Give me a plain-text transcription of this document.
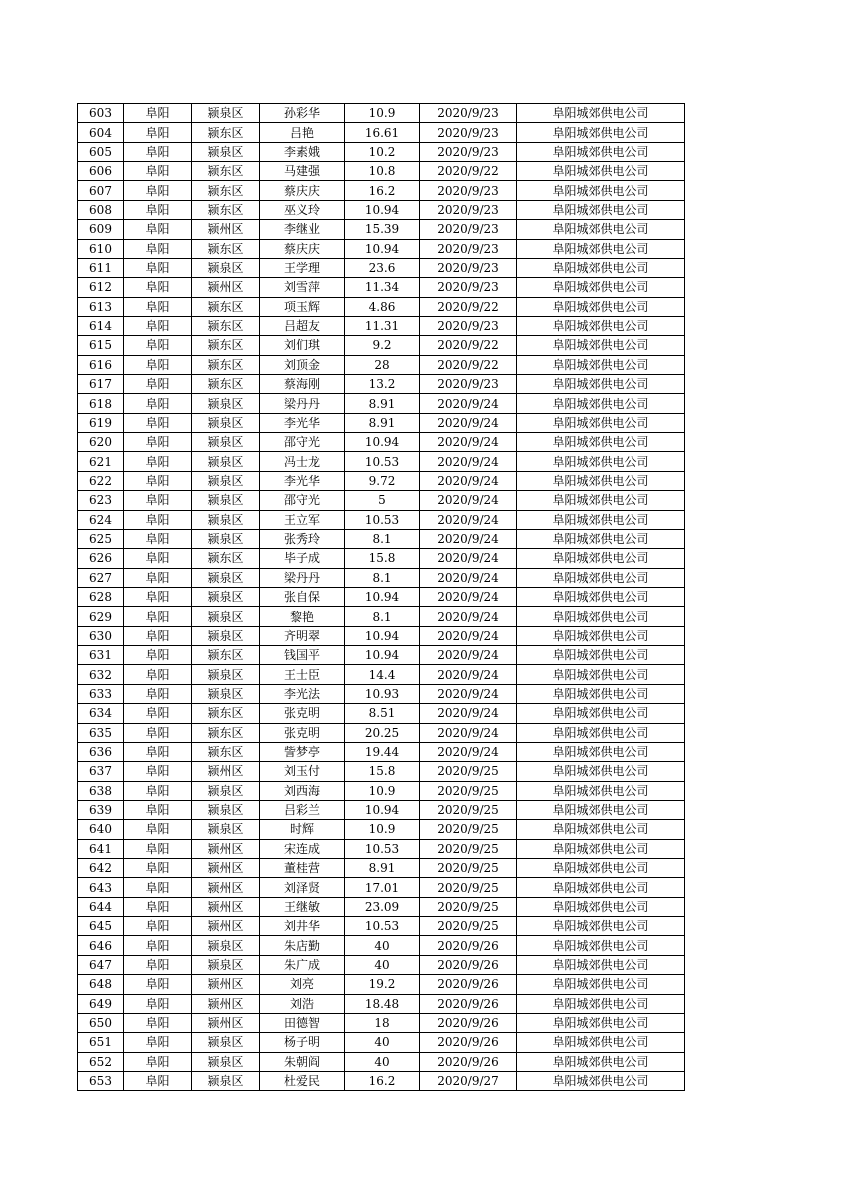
603	阜阳	颍泉区	孙彩华	10.9	2020/9/23	阜阳城郊供电公司
604	阜阳	颍东区	吕艳	16.61	2020/9/23	阜阳城郊供电公司
605	阜阳	颍泉区	李素娥	10.2	2020/9/23	阜阳城郊供电公司
606	阜阳	颍东区	马建强	10.8	2020/9/22	阜阳城郊供电公司
607	阜阳	颍东区	蔡庆庆	16.2	2020/9/23	阜阳城郊供电公司
608	阜阳	颍东区	巫义玲	10.94	2020/9/23	阜阳城郊供电公司
609	阜阳	颍州区	李继业	15.39	2020/9/23	阜阳城郊供电公司
610	阜阳	颍东区	蔡庆庆	10.94	2020/9/23	阜阳城郊供电公司
611	阜阳	颍泉区	王学理	23.6	2020/9/23	阜阳城郊供电公司
612	阜阳	颍州区	刘雪萍	11.34	2020/9/23	阜阳城郊供电公司
613	阜阳	颍东区	项玉辉	4.86	2020/9/22	阜阳城郊供电公司
614	阜阳	颍东区	吕超友	11.31	2020/9/23	阜阳城郊供电公司
615	阜阳	颍东区	刘们琪	9.2	2020/9/22	阜阳城郊供电公司
616	阜阳	颍东区	刘顶金	28	2020/9/22	阜阳城郊供电公司
617	阜阳	颍东区	蔡海刚	13.2	2020/9/23	阜阳城郊供电公司
618	阜阳	颍泉区	梁丹丹	8.91	2020/9/24	阜阳城郊供电公司
619	阜阳	颍泉区	李光华	8.91	2020/9/24	阜阳城郊供电公司
620	阜阳	颍泉区	邵守光	10.94	2020/9/24	阜阳城郊供电公司
621	阜阳	颍泉区	冯士龙	10.53	2020/9/24	阜阳城郊供电公司
622	阜阳	颍泉区	李光华	9.72	2020/9/24	阜阳城郊供电公司
623	阜阳	颍泉区	邵守光	5	2020/9/24	阜阳城郊供电公司
624	阜阳	颍泉区	王立军	10.53	2020/9/24	阜阳城郊供电公司
625	阜阳	颍泉区	张秀玲	8.1	2020/9/24	阜阳城郊供电公司
626	阜阳	颍东区	毕子成	15.8	2020/9/24	阜阳城郊供电公司
627	阜阳	颍泉区	梁丹丹	8.1	2020/9/24	阜阳城郊供电公司
628	阜阳	颍泉区	张自保	10.94	2020/9/24	阜阳城郊供电公司
629	阜阳	颍泉区	黎艳	8.1	2020/9/24	阜阳城郊供电公司
630	阜阳	颍泉区	齐明翠	10.94	2020/9/24	阜阳城郊供电公司
631	阜阳	颍东区	钱国平	10.94	2020/9/24	阜阳城郊供电公司
632	阜阳	颍泉区	王士臣	14.4	2020/9/24	阜阳城郊供电公司
633	阜阳	颍泉区	李光法	10.93	2020/9/24	阜阳城郊供电公司
634	阜阳	颍东区	张克明	8.51	2020/9/24	阜阳城郊供电公司
635	阜阳	颍东区	张克明	20.25	2020/9/24	阜阳城郊供电公司
636	阜阳	颍东区	訾梦亭	19.44	2020/9/24	阜阳城郊供电公司
637	阜阳	颍州区	刘玉付	15.8	2020/9/25	阜阳城郊供电公司
638	阜阳	颍泉区	刘西海	10.9	2020/9/25	阜阳城郊供电公司
639	阜阳	颍泉区	吕彩兰	10.94	2020/9/25	阜阳城郊供电公司
640	阜阳	颍泉区	时辉	10.9	2020/9/25	阜阳城郊供电公司
641	阜阳	颍州区	宋连成	10.53	2020/9/25	阜阳城郊供电公司
642	阜阳	颍州区	董桂营	8.91	2020/9/25	阜阳城郊供电公司
643	阜阳	颍州区	刘泽贤	17.01	2020/9/25	阜阳城郊供电公司
644	阜阳	颍州区	王继敏	23.09	2020/9/25	阜阳城郊供电公司
645	阜阳	颍州区	刘井华	10.53	2020/9/25	阜阳城郊供电公司
646	阜阳	颍泉区	朱店勤	40	2020/9/26	阜阳城郊供电公司
647	阜阳	颍泉区	朱广成	40	2020/9/26	阜阳城郊供电公司
648	阜阳	颍州区	刘亮	19.2	2020/9/26	阜阳城郊供电公司
649	阜阳	颍州区	刘浩	18.48	2020/9/26	阜阳城郊供电公司
650	阜阳	颍州区	田德智	18	2020/9/26	阜阳城郊供电公司
651	阜阳	颍泉区	杨子明	40	2020/9/26	阜阳城郊供电公司
652	阜阳	颍泉区	朱朝阎	40	2020/9/26	阜阳城郊供电公司
653	阜阳	颍泉区	杜爱民	16.2	2020/9/27	阜阳城郊供电公司
